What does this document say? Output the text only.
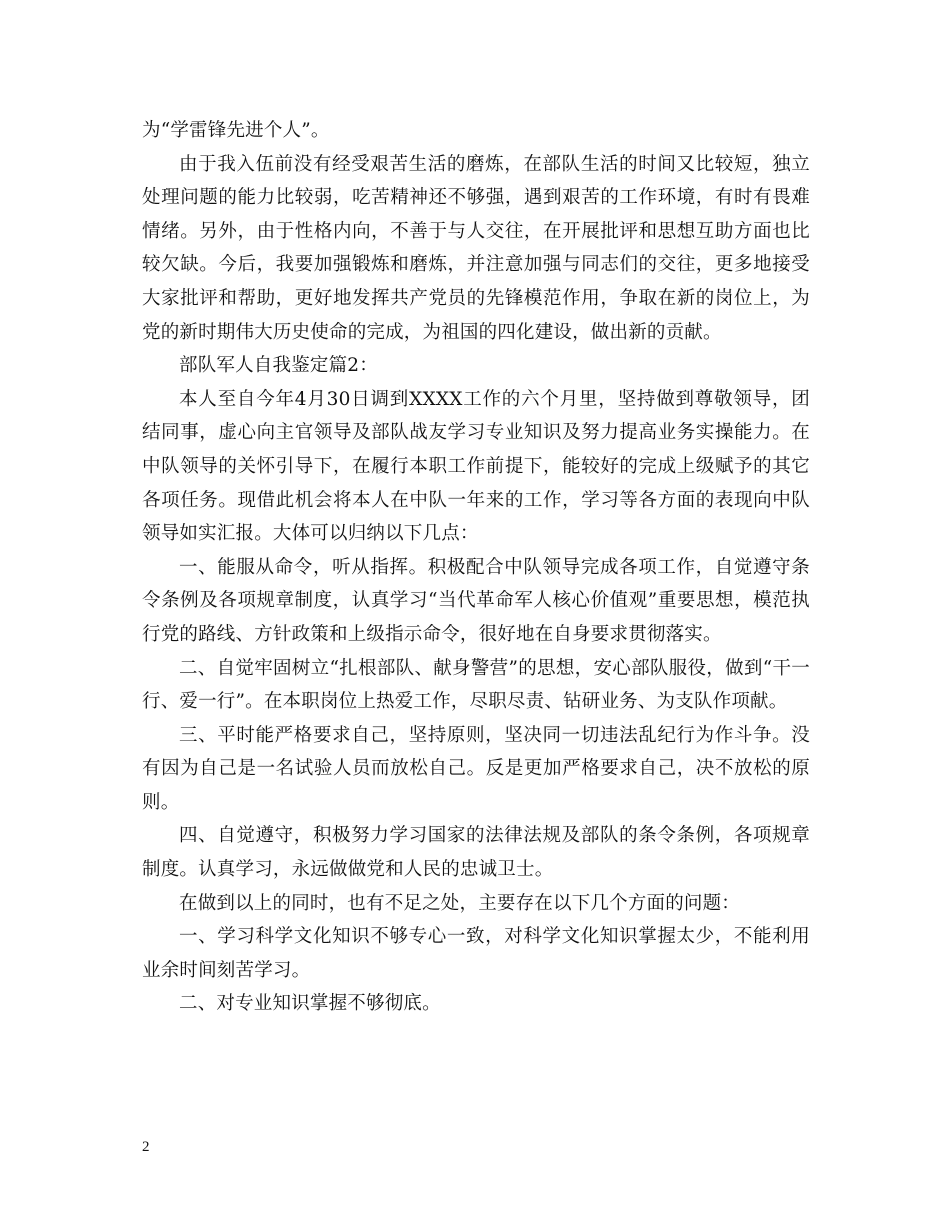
为“学雷锋先进个人”。

由于我入伍前没有经受艰苦生活的磨炼，在部队生活的时间又比较短，独立处理问题的能力比较弱，吃苦精神还不够强，遇到艰苦的工作环境，有时有畏难情绪。另外，由于性格内向，不善于与人交往，在开展批评和思想互助方面也比较欠缺。今后，我要加强锻炼和磨炼，并注意加强与同志们的交往，更多地接受大家批评和帮助，更好地发挥共产党员的先锋模范作用，争取在新的岗位上，为党的新时期伟大历史使命的完成，为祖国的四化建设，做出新的贡献。

部队军人自我鉴定篇2：

本人至自今年4月30日调到XXXX工作的六个月里，坚持做到尊敬领导，团结同事，虚心向主官领导及部队战友学习专业知识及努力提高业务实操能力。在中队领导的关怀引导下，在履行本职工作前提下，能较好的完成上级赋予的其它各项任务。现借此机会将本人在中队一年来的工作，学习等各方面的表现向中队领导如实汇报。大体可以归纳以下几点：

一、能服从命令，听从指挥。积极配合中队领导完成各项工作，自觉遵守条令条例及各项规章制度，认真学习“当代革命军人核心价值观”重要思想，模范执行党的路线、方针政策和上级指示命令，很好地在自身要求贯彻落实。

二、自觉牢固树立“扎根部队、献身警营”的思想，安心部队服役，做到“干一行、爱一行”。在本职岗位上热爱工作，尽职尽责、钻研业务、为支队作项献。

三、平时能严格要求自己，坚持原则，坚决同一切违法乱纪行为作斗争。没有因为自己是一名试验人员而放松自己。反是更加严格要求自己，决不放松的原则。

四、自觉遵守，积极努力学习国家的法律法规及部队的条令条例，各项规章制度。认真学习，永远做做党和人民的忠诚卫士。

在做到以上的同时，也有不足之处，主要存在以下几个方面的问题：

一、学习科学文化知识不够专心一致，对科学文化知识掌握太少，不能利用业余时间刻苦学习。

二、对专业知识掌握不够彻底。

2
